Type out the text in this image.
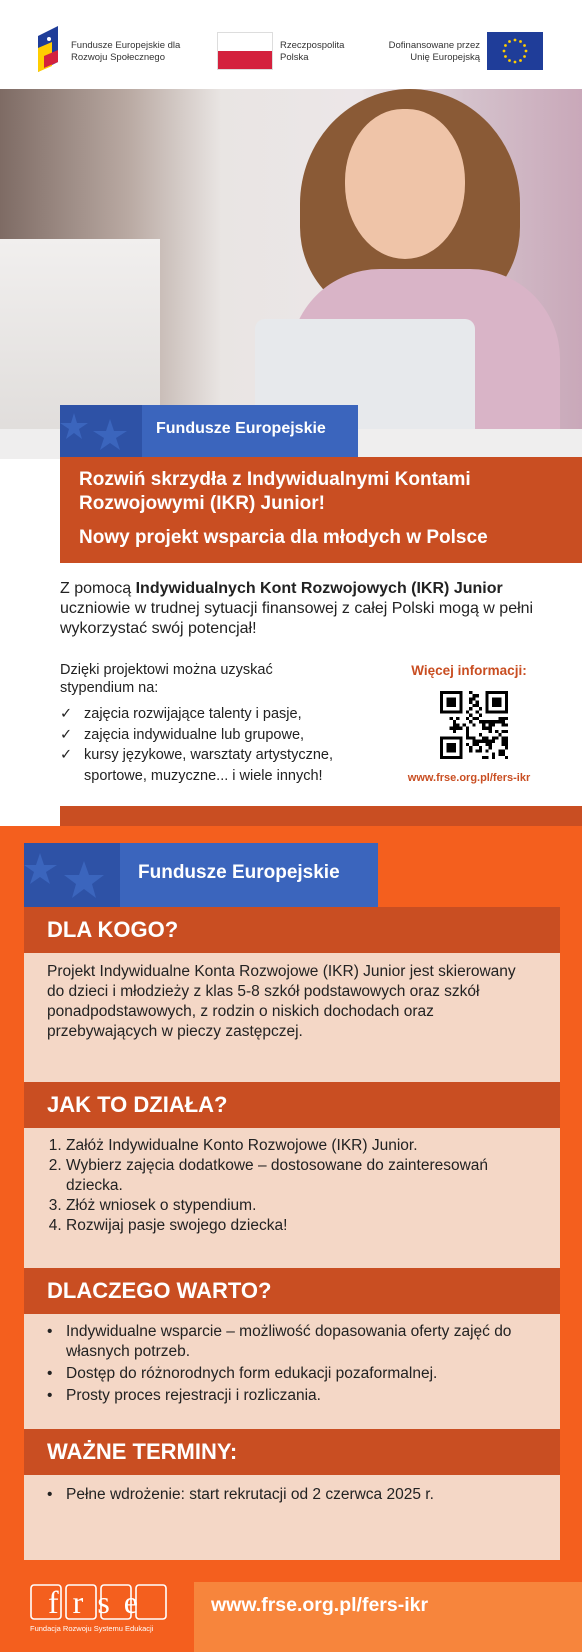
Fundusze Europejskie dla Rozwoju Społecznego
Rzeczpospolita Polska
Dofinansowane przez Unię Europejską
Fundusze Europejskie
Rozwiń skrzydła z Indywidualnymi Kontami Rozwojowymi (IKR) Junior!
Nowy projekt wsparcia dla młodych w Polsce
Z pomocą Indywidualnych Kont Rozwojowych (IKR) Junior uczniowie w trudnej sytuacji finansowej z całej Polski mogą w pełni wykorzystać swój potencjał!
Dzięki projektowi można uzyskać stypendium na:
✓ zajęcia rozwijające talenty i pasje,
✓ zajęcia indywidualne lub grupowe,
✓ kursy językowe, warsztaty artystyczne, sportowe, muzyczne... i wiele innych!
Więcej informacji:
www.frse.org.pl/fers-ikr
Fundusze Europejskie
DLA KOGO?
Projekt Indywidualne Konta Rozwojowe (IKR) Junior jest skierowany do dzieci i młodzieży z klas 5-8 szkół podstawowych oraz szkół ponadpodstawowych, z rodzin o niskich dochodach oraz przebywających w pieczy zastępczej.
JAK TO DZIAŁA?
1. Załóż Indywidualne Konto Rozwojowe (IKR) Junior.
2. Wybierz zajęcia dodatkowe – dostosowane do zainteresowań dziecka.
3. Złóż wniosek o stypendium.
4. Rozwijaj pasje swojego dziecka!
DLACZEGO WARTO?
• Indywidualne wsparcie – możliwość dopasowania oferty zajęć do własnych potrzeb.
• Dostęp do różnorodnych form edukacji pozaformalnej.
• Prosty proces rejestracji i rozliczania.
WAŻNE TERMINY:
• Pełne wdrożenie: start rekrutacji od 2 czerwca 2025 r.
frse
Fundacja Rozwoju Systemu Edukacji
www.frse.org.pl/fers-ikr
